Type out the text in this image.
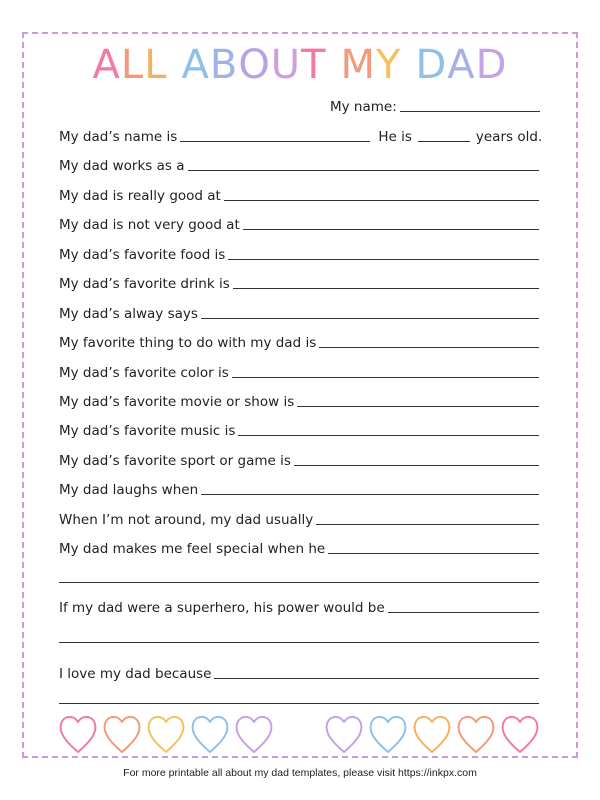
ALL ABOUT MY DAD
My name:
My dad’s name is	He is	years old.
My dad works as a
My dad is really good at
My dad is not very good at
My dad’s favorite food is
My dad’s favorite drink is
My dad’s alway says
My favorite thing to do with my dad is
My dad’s favorite color is
My dad’s favorite movie or show is
My dad’s favorite music is
My dad’s favorite sport or game is
My dad laughs when
When I’m not around, my dad usually
My dad makes me feel special when he
If my dad were a superhero, his power would be
I love my dad because
For more printable all about my dad templates, please visit https://inkpx.com
